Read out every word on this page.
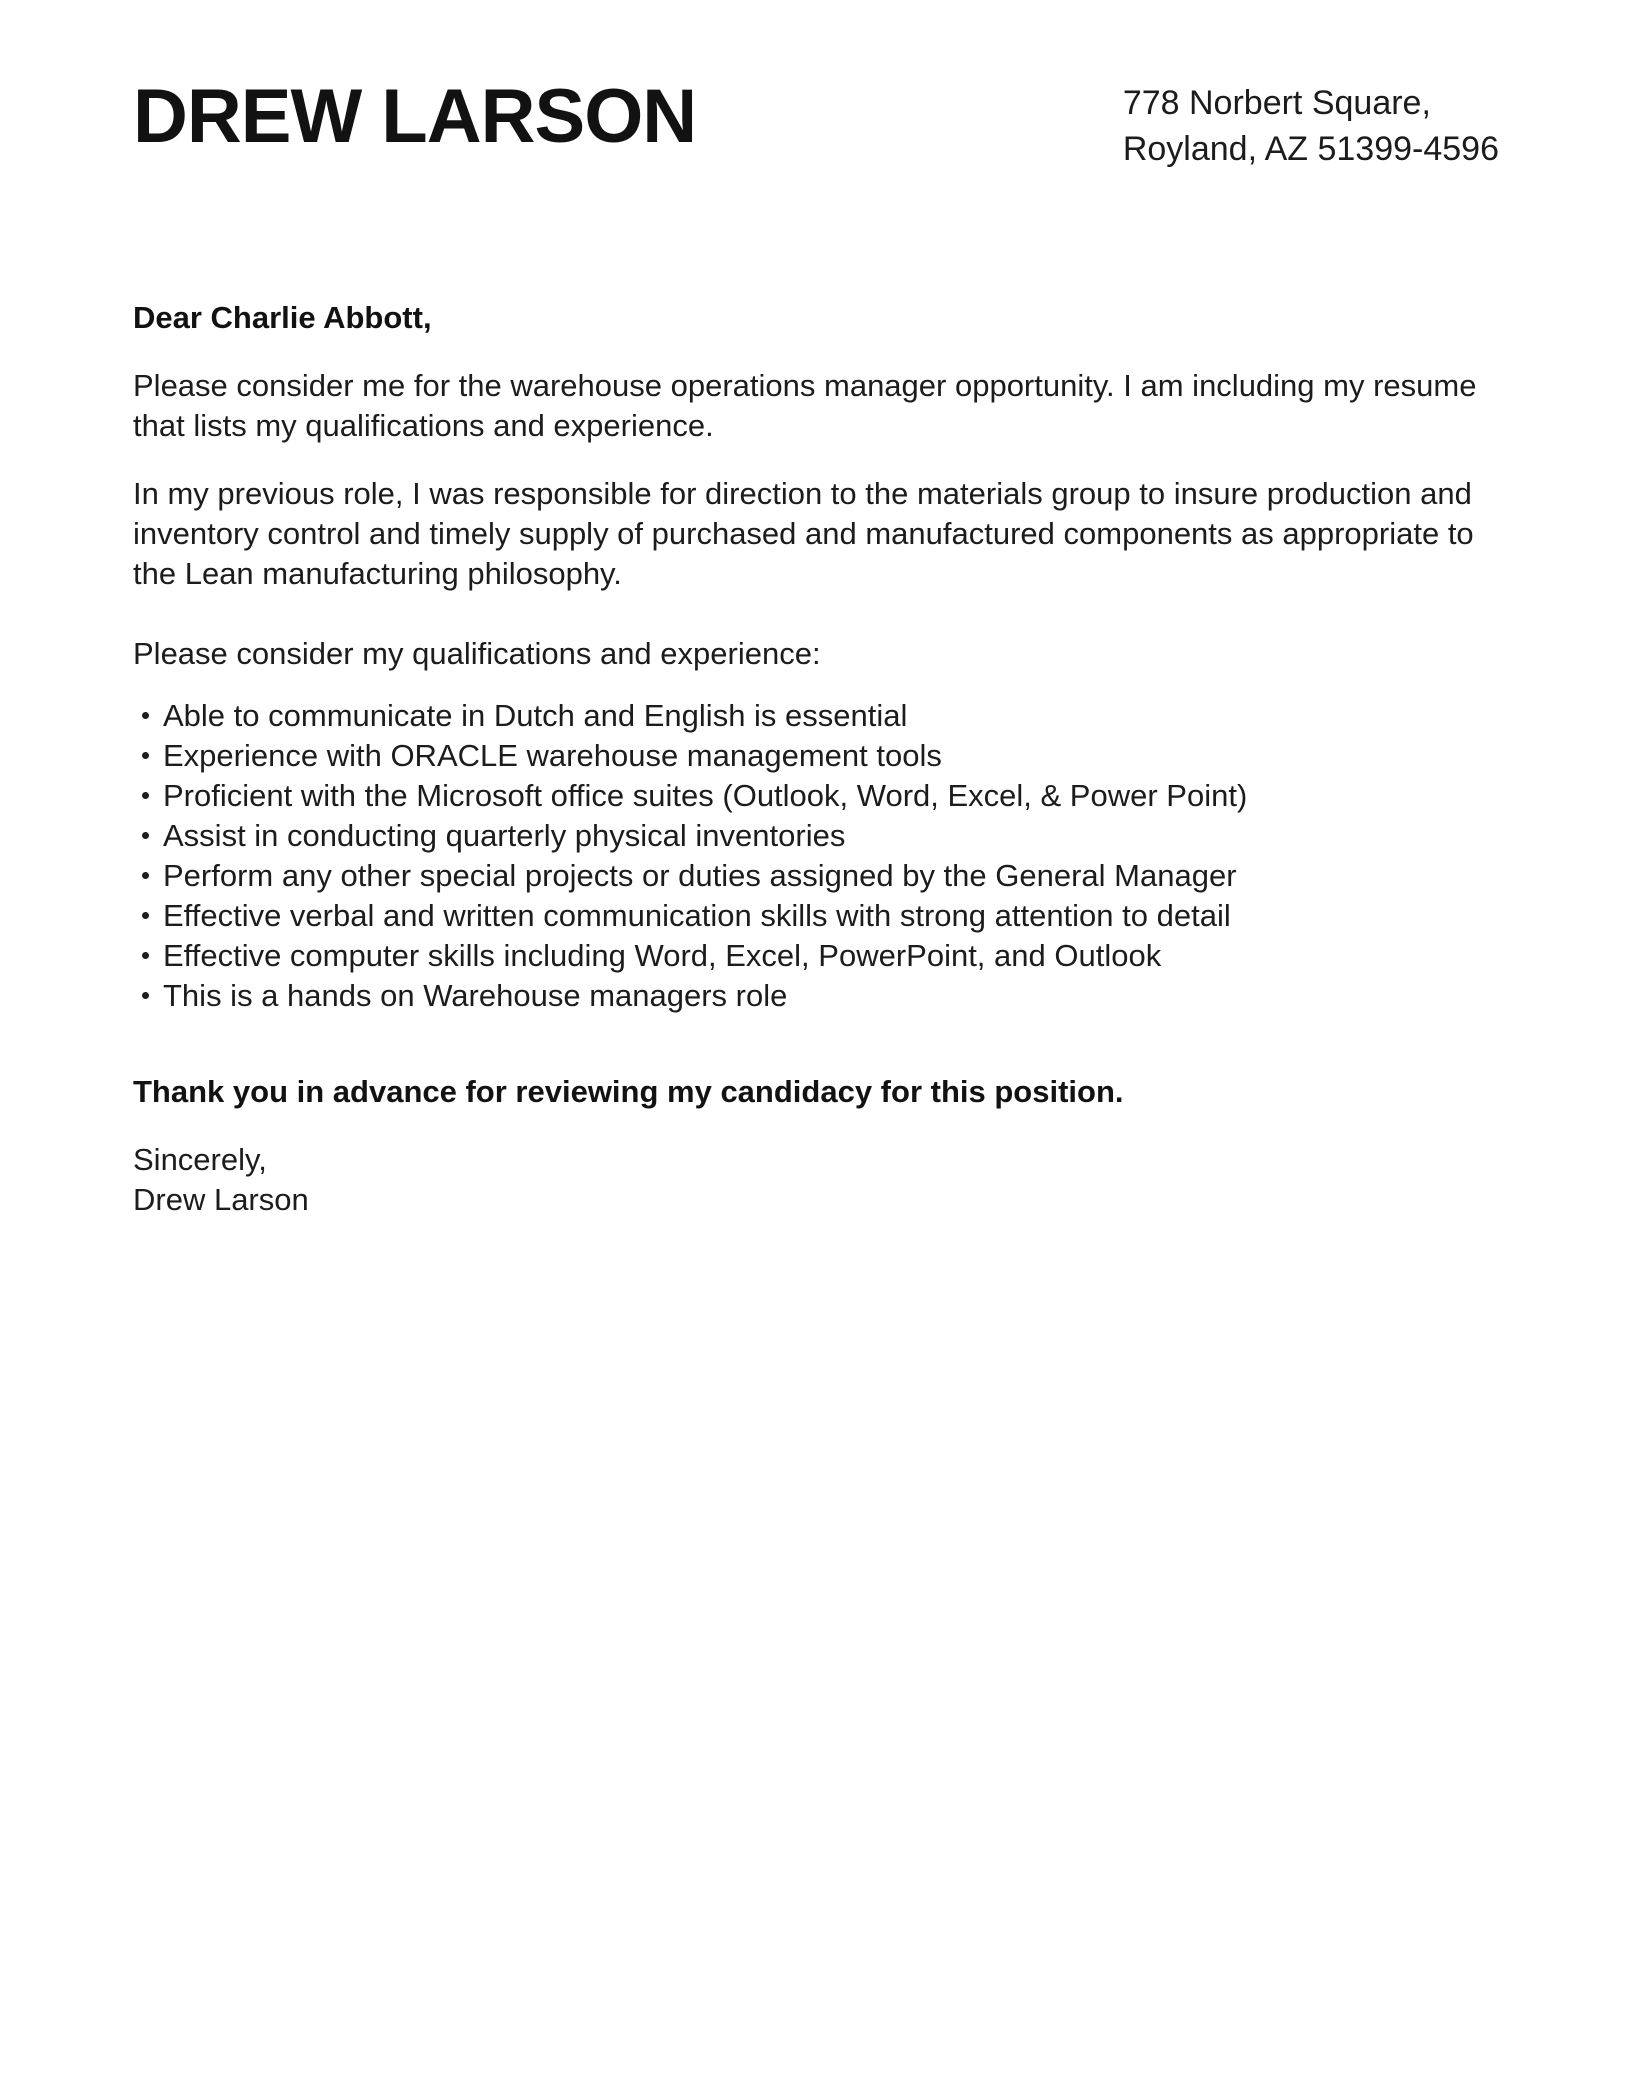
DREW LARSON	778 Norbert Square,
Royland, AZ 51399-4596

Dear Charlie Abbott,

Please consider me for the warehouse operations manager opportunity. I am including my resume that lists my qualifications and experience.

In my previous role, I was responsible for direction to the materials group to insure production and inventory control and timely supply of purchased and manufactured components as appropriate to the Lean manufacturing philosophy.

Please consider my qualifications and experience:

Able to communicate in Dutch and English is essential
Experience with ORACLE warehouse management tools
Proficient with the Microsoft office suites (Outlook, Word, Excel, & Power Point)
Assist in conducting quarterly physical inventories
Perform any other special projects or duties assigned by the General Manager
Effective verbal and written communication skills with strong attention to detail
Effective computer skills including Word, Excel, PowerPoint, and Outlook
This is a hands on Warehouse managers role

Thank you in advance for reviewing my candidacy for this position.

Sincerely,
Drew Larson
